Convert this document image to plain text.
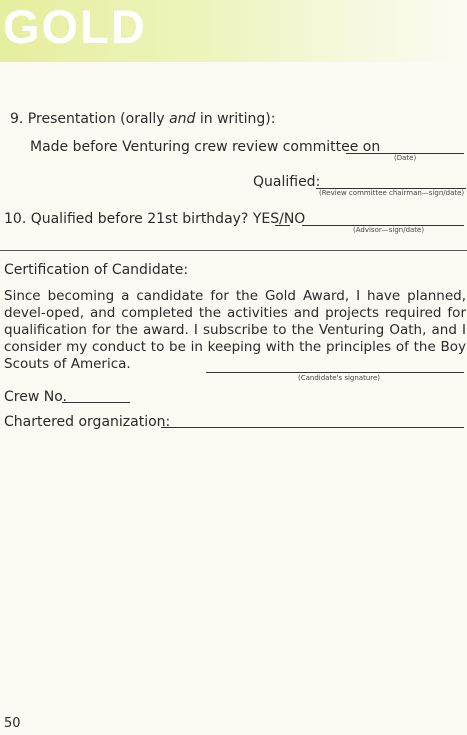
GOLD
9. Presentation (orally and in writing):
Made before Venturing crew review committee on
(Date)
Qualified:
(Review committee chairman—sign/date)
10. Qualified before 21st birthday? YES/NO
(Advisor—sign/date)
Certification of Candidate:

Since becoming a candidate for the Gold Award, I have planned, devel-oped, and completed the activities and projects required for qualification for the award. I subscribe to the Venturing Oath, and I consider my conduct to be in keeping with the principles of the Boy Scouts of America.

(Candidate's signature)
Crew No.
Chartered organization:
50
